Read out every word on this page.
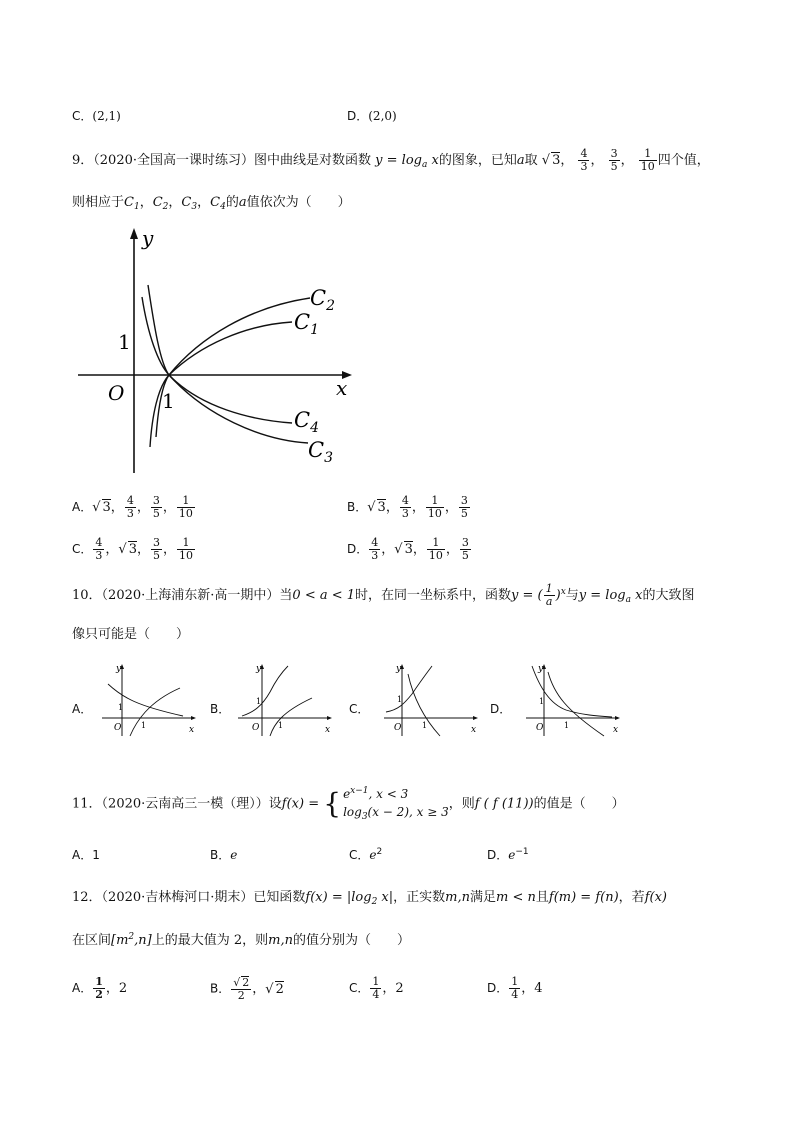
C．(2,1)	D．(2,0)
9．（2020·全国高一课时练习）图中曲线是对数函数 $y = \log_a x$的图象，已知a取 √ 3， $\frac{4}{3}$ ， $\frac{3}{5}$ ， $\frac{1}{10}$ 四个值，
则相应于$C_1$，$C_2$，$C_3$，$C_4$的a值依次为（　　）
y
x
O
1
1
$C_2$
$C_1$
$C_4$
$C_3$
A．√ 3， $\frac{4}{3}$ ， $\frac{3}{5}$ ， $\frac{1}{10}$	B．√ 3， $\frac{4}{3}$ ， $\frac{1}{10}$ ， $\frac{3}{5}$
C． $\frac{4}{3}$ ，√ 3， $\frac{3}{5}$ ， $\frac{1}{10}$	D． $\frac{4}{3}$ ，√ 3， $\frac{1}{10}$ ， $\frac{3}{5}$
10．（2020·上海浦东新·高一期中）当0 < a < 1时，在同一坐标系中，函数y = ( $\frac{1}{a} )^x$与$y = \log_a x$的大致图
像只可能是（　　）
A．
y
x
O
1
1
B．
y
x
O
1
1
C．
y
x
O
1
1
D．
y
x
O
1
1
11．（2020·云南高三一模（理））设f(x) = { $e^{x-1}$, x < 3
$\log_3(x - 2)$, x ≥ 3
，则f ( f (11))的值是（　　）
A．1	B．e	C．$e^2$	D．$e^{-1}$
12．（2020·吉林梅河口·期末）已知函数$f(x) = |\log_2$ x|，正实数m,n满足m < n且f(m) = f(n)，若f(x)
在区间$[m^2,n]$上的最大值为 2，则m,n的值分别为（　　）
A． $\frac{1}{2}$ ，2	B． $\frac{√ 2}{2}$ ，√ 2	C． $\frac{1}{4}$ ，2	D． $\frac{1}{4}$ ，4
